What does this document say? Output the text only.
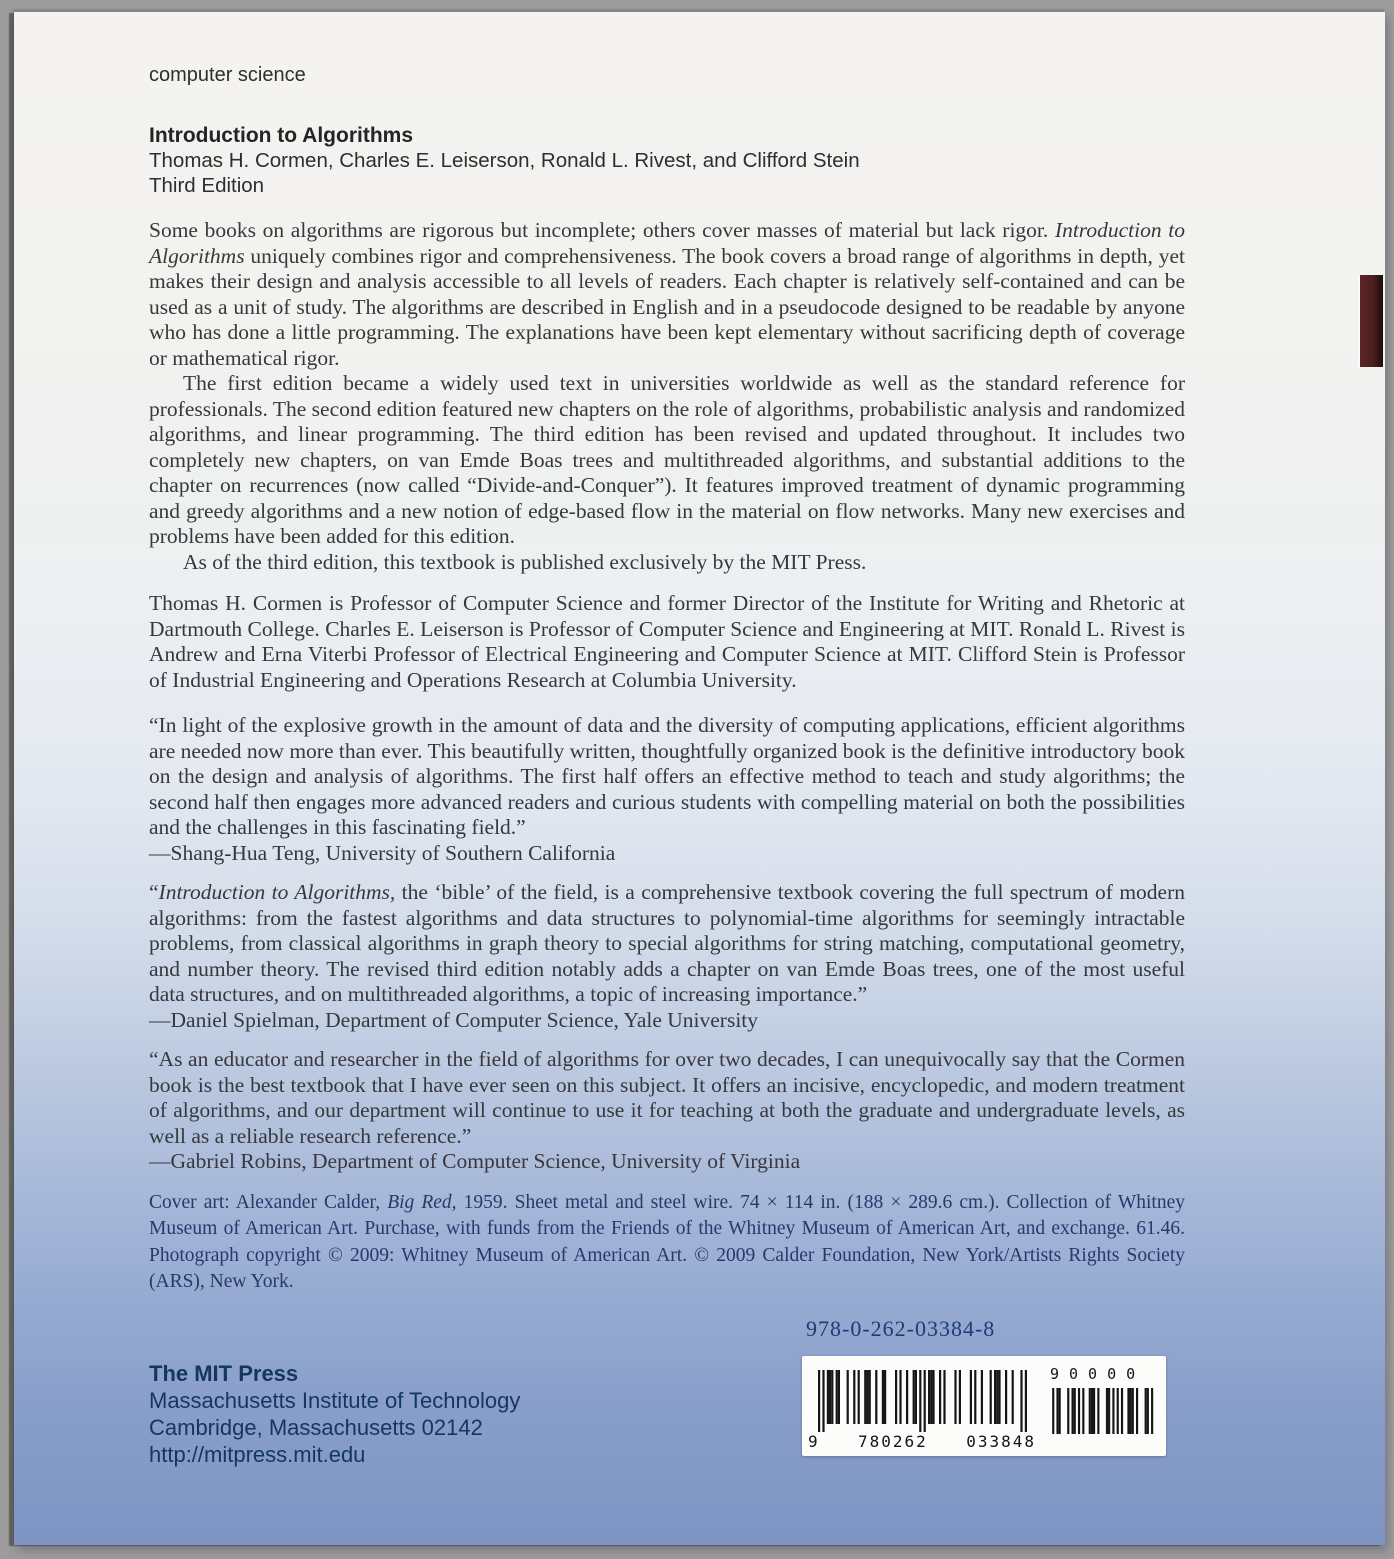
computer science
Introduction to Algorithms
Thomas H. Cormen, Charles E. Leiserson, Ronald L. Rivest, and Clifford Stein
Third Edition

Some books on algorithms are rigorous but incomplete; others cover masses of material but lack rigor. Introduction to Algorithms uniquely combines rigor and comprehensiveness. The book covers a broad range of algorithms in depth, yet makes their design and analysis accessible to all levels of readers. Each chapter is relatively self-contained and can be used as a unit of study. The algorithms are described in English and in a pseudocode designed to be readable by anyone who has done a little programming. The explanations have been kept elementary without sacrificing depth of coverage or mathematical rigor.

The first edition became a widely used text in universities worldwide as well as the standard reference for professionals. The second edition featured new chapters on the role of algorithms, probabilistic analysis and randomized algorithms, and linear programming. The third edition has been revised and updated throughout. It includes two completely new chapters, on van Emde Boas trees and multithreaded algorithms, and substantial additions to the chapter on recurrences (now called “Divide-and-Conquer”). It features improved treatment of dynamic programming and greedy algorithms and a new notion of edge-based flow in the material on flow networks. Many new exercises and problems have been added for this edition.

As of the third edition, this textbook is published exclusively by the MIT Press.

Thomas H. Cormen is Professor of Computer Science and former Director of the Institute for Writing and Rhetoric at Dartmouth College. Charles E. Leiserson is Professor of Computer Science and Engineering at MIT. Ronald L. Rivest is Andrew and Erna Viterbi Professor of Electrical Engineering and Computer Science at MIT. Clifford Stein is Professor of Industrial Engineering and Operations Research at Columbia University.

“In light of the explosive growth in the amount of data and the diversity of computing applications, efficient algorithms are needed now more than ever. This beautifully written, thoughtfully organized book is the definitive introductory book on the design and analysis of algorithms. The first half offers an effective method to teach and study algorithms; the second half then engages more advanced readers and curious students with compelling material on both the possibilities and the challenges in this fascinating field.”

—Shang-Hua Teng, University of Southern California

“Introduction to Algorithms, the ‘bible’ of the field, is a comprehensive textbook covering the full spectrum of modern algorithms: from the fastest algorithms and data structures to polynomial-time algorithms for seemingly intractable problems, from classical algorithms in graph theory to special algorithms for string matching, computational geometry, and number theory. The revised third edition notably adds a chapter on van Emde Boas trees, one of the most useful data structures, and on multithreaded algorithms, a topic of increasing importance.”

—Daniel Spielman, Department of Computer Science, Yale University

“As an educator and researcher in the field of algorithms for over two decades, I can unequivocally say that the Cormen book is the best textbook that I have ever seen on this subject. It offers an incisive, encyclopedic, and modern treatment of algorithms, and our department will continue to use it for teaching at both the graduate and undergraduate levels, as well as a reliable research reference.”

—Gabriel Robins, Department of Computer Science, University of Virginia

Cover art: Alexander Calder, Big Red, 1959. Sheet metal and steel wire. 74 × 114 in. (188 × 289.6 cm.). Collection of Whitney Museum of American Art. Purchase, with funds from the Friends of the Whitney Museum of American Art, and exchange. 61.46. Photograph copyright © 2009: Whitney Museum of American Art. © 2009 Calder Foundation, New York/Artists Rights Society (ARS), New York.

978-0-262-03384-8
9 780262 033848
90000
The MIT Press
Massachusetts Institute of Technology
Cambridge, Massachusetts 02142
http://mitpress.mit.edu
